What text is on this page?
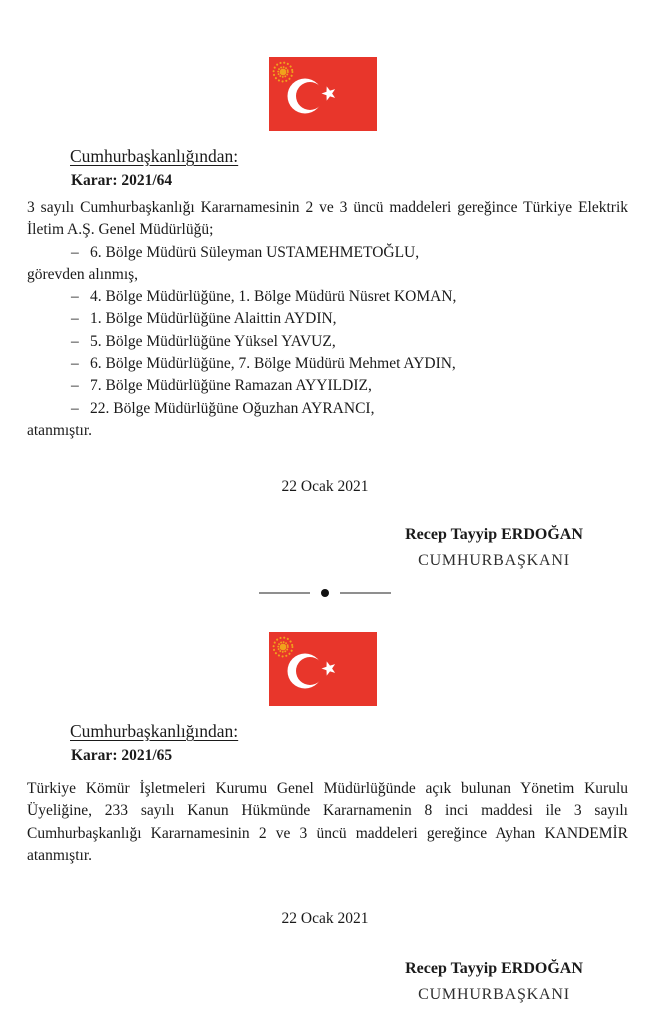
Cumhurbaşkanlığından:
Karar: 2021/64

3 sayılı Cumhurbaşkanlığı Kararnamesinin 2 ve 3 üncü maddeleri gereğince Türkiye Elektrik İletim A.Ş. Genel Müdürlüğü;

– 6. Bölge Müdürü Süleyman USTAMEHMETOĞLU,
görevden alınmış,
– 4. Bölge Müdürlüğüne, 1. Bölge Müdürü Nüsret KOMAN,
– 1. Bölge Müdürlüğüne Alaittin AYDIN,
– 5. Bölge Müdürlüğüne Yüksel YAVUZ,
– 6. Bölge Müdürlüğüne, 7. Bölge Müdürü Mehmet AYDIN,
– 7. Bölge Müdürlüğüne Ramazan AYYILDIZ,
– 22. Bölge Müdürlüğüne Oğuzhan AYRANCI,
atanmıştır.
22 Ocak 2021
Recep Tayyip ERDOĞAN
CUMHURBAŞKANI
Cumhurbaşkanlığından:
Karar: 2021/65
Türkiye Kömür İşletmeleri Kurumu Genel Müdürlüğünde açık bulunan Yönetim Kurulu Üyeliğine, 233 sayılı Kanun Hükmünde Kararnamenin 8 inci maddesi ile 3 sayılı Cumhurbaşkanlığı Kararnamesinin 2 ve 3 üncü maddeleri gereğince Ayhan KANDEMİR atanmıştır.
22 Ocak 2021
Recep Tayyip ERDOĞAN
CUMHURBAŞKANI
